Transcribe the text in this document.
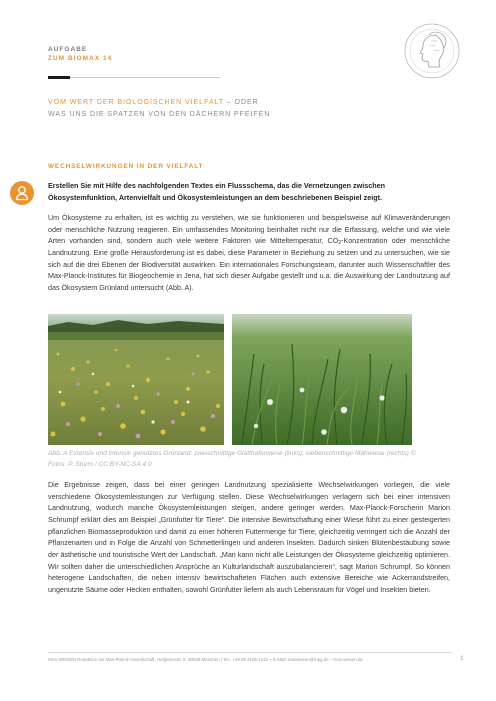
AUFGABE
ZUM BIOMAX 14
VOM WERT DER BIOLOGISCHEN VIELFALT – ODER
WAS UNS DIE SPATZEN VON DEN DÄCHERN PFEIFEN
WECHSELWIRKUNGEN IN DER VIELFALT
Erstellen Sie mit Hilfe des nachfolgenden Textes ein Flussschema, das die Vernetzungen zwischen Ökosystemfunktion, Artenvielfalt und Ökosystemleistungen an dem beschriebenen Beispiel zeigt.
Um Ökosysteme zu erhalten, ist es wichtig zu verstehen, wie sie funktionieren und beispielsweise auf Klimaveränderungen oder menschliche Nutzung reagieren. Ein umfassendes Monitoring beinhaltet nicht nur die Erfassung, welche und wie viele Arten vorhanden sind, sondern auch viele weitere Faktoren wie Mitteltemperatur, $CO_2$-Konzentration oder menschliche Landnutzung. Eine große Herausforderung ist es dabei, diese Parameter in Beziehung zu setzen und zu untersuchen, wie sie sich auf die drei Ebenen der Biodiversität auswirken. Ein internationales Forschungsteam, darunter auch Wissenschaftler des Max-Planck-Institutes für Biogeochemie in Jena, hat sich dieser Aufgabe gestellt und u.a. die Auswirkung der Landnutzung auf das Ökosystem Grünland untersucht (Abb. A).
Abb. A Extensiv und intensiv genutztes Grünland: zweischnittige Glatthaferwiese (links), siebenschnittige Mähwiese (rechts) © Fotos: P. Sturm / CC BY-NC-SA 4.0
Die Ergebnisse zeigen, dass bei einer geringen Landnutzung spezialisierte Wechselwirkungen vorliegen, die viele verschiedene Ökosystemleistungen zur Verfügung stellen. Diese Wechselwirkungen verlagern sich bei einer intensiven Landnutzung, wodurch manche Ökosystemleistungen steigen, andere geringer werden. Max-Planck-Forscherin Marion Schrumpf erklärt dies am Beispiel „Grünfutter für Tiere“. Die intensive Bewirtschaftung einer Wiese führt zu einer gesteigerten pflanzlichen Biomasseproduktion und damit zu einer höheren Futtermenge für Tiere, gleichzeitig verringert sich die Anzahl der Pflanzenarten und in Folge die Anzahl von Schmetterlingen und anderen Insekten. Dadurch sinken Blütenbestäubung sowie der ästhetische und touristische Wert der Landschaft. „Man kann nicht alle Leistungen der Ökosysteme gleichzeitig optimieren. Wir sollten daher die unterschiedlichen Ansprüche an Kulturlandschaft auszubalancieren“, sagt Marion Schrumpf. So können heterogene Landschaften, die neben intensiv bewirtschafteten Flächen auch extensive Bereiche wie Ackerrandstreifen, ungenutzte Säume oder Hecken enthalten, sowohl Grünfutter liefern als auch Lebensraum für Vögel und Insekten bieten.
MAX WISSEN Redaktion der Max-Planck-Gesellschaft, Hofgartenstr. 8, 80539 München | Tel.: +49 89 2108-1242 – E-Mail: maxwissen@mpg.de – max-wissen.de	1
